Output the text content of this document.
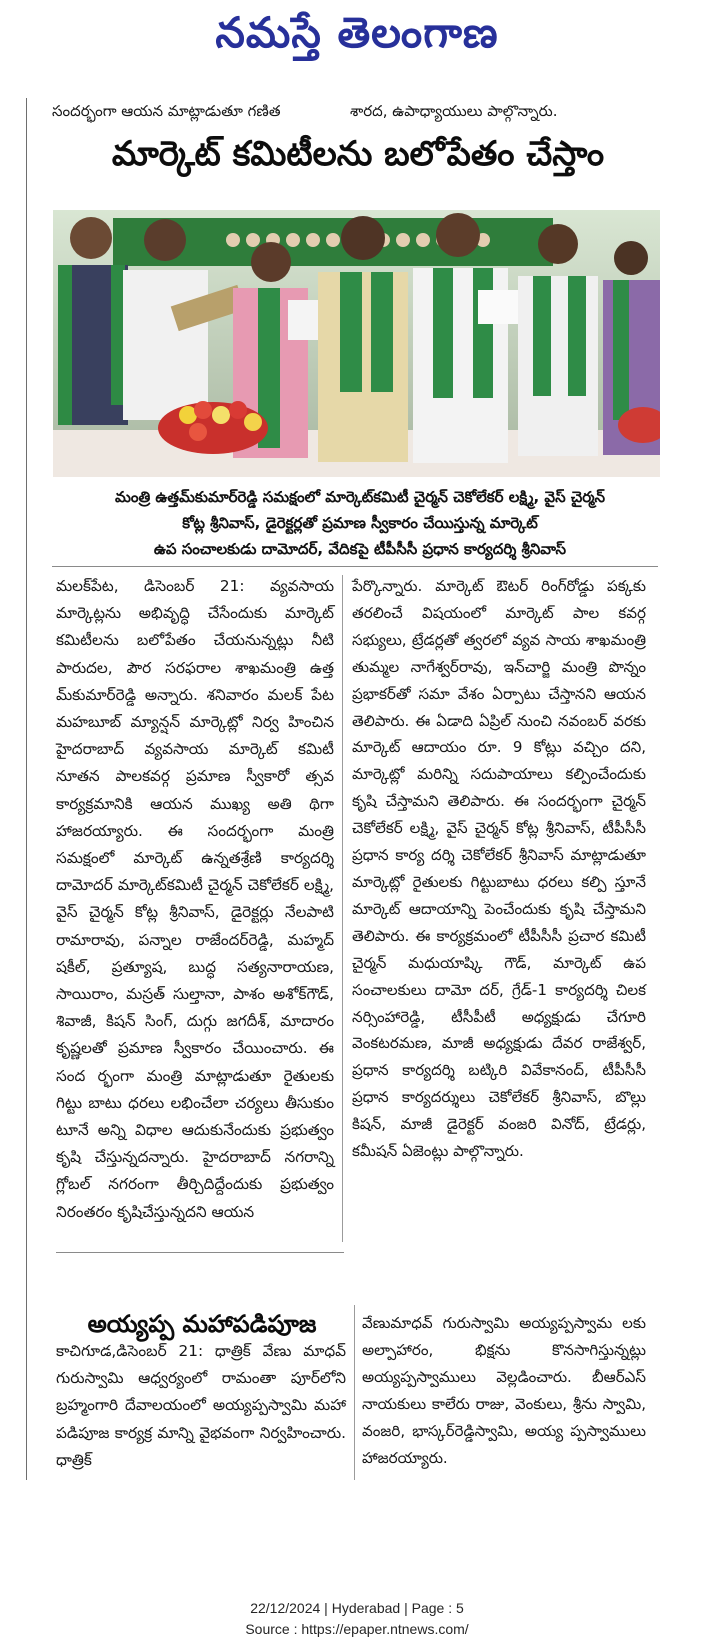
నమస్తే తెలంగాణ
సందర్భంగా ఆయన మాట్లాడుతూ గణిత	శారద, ఉపాధ్యాయులు పాల్గొన్నారు.
మార్కెట్ కమిటీలను బలోపేతం చేస్తాం
మంత్రి ఉత్తమ్‌కుమార్‌రెడ్డి సమక్షంలో మార్కెట్‌కమిటీ చైర్మన్ చెకోలేకర్ లక్ష్మి, వైస్ చైర్మన్
కోట్ల శ్రీనివాస్, డైరెక్టర్లతో ప్రమాణ స్వీకారం చేయిస్తున్న మార్కెట్
ఉప సంచాలకుడు దామోదర్, వేదికపై టీపీసీసీ ప్రధాన కార్యదర్శి శ్రీనివాస్

మలక్‌పేట, డిసెంబర్ 21: వ్యవసాయ మార్కెట్లను అభివృద్ధి చేసేందుకు మార్కెట్ కమిటీలను బలోపేతం చేయనున్నట్లు నీటి పారుదల, పౌర సరఫరాల శాఖమంత్రి ఉత్త మ్‌కుమార్‌రెడ్డి అన్నారు. శనివారం మలక్ పేట మహబూబ్ మ్యాన్షన్ మార్కెట్లో నిర్వ హించిన హైదరాబాద్ వ్యవసాయ మార్కెట్ కమిటీ నూతన పాలకవర్గ ప్రమాణ స్వీకారో త్సవ కార్యక్రమానికి ఆయన ముఖ్య అతి థిగా హాజరయ్యారు. ఈ సందర్భంగా మంత్రి సమక్షంలో మార్కెట్ ఉన్నతశ్రేణి కార్యదర్శి దామోదర్ మార్కెట్‌కమిటీ చైర్మన్ చెకోలేకర్ లక్ష్మి, వైస్ చైర్మన్ కోట్ల శ్రీనివాస్, డైరెక్టర్లు నేలపాటి రామారావు, పన్నాల రాజేందర్‌రెడ్డి, మహ్మద్ షకీల్, ప్రత్యూష, బుద్ధ సత్యనారాయణ, సాయిరాం, మస్రత్ సుల్తానా, పాశం అశోక్‌గౌడ్, శివాజీ, కిషన్ సింగ్, దుగ్గు జగదీశ్, మాదారం కృష్ణలతో ప్రమాణ స్వీకారం చేయించారు. ఈ సంద ర్భంగా మంత్రి మాట్లాడుతూ రైతులకు గిట్టు బాటు ధరలు లభించేలా చర్యలు తీసుకుం టూనే అన్ని విధాల ఆదుకునేందుకు ప్రభుత్వం కృషి చేస్తున్నదన్నారు. హైదరాబాద్ నగరాన్ని గ్లోబల్ నగరంగా తీర్చిదిద్దేందుకు ప్రభుత్వం నిరంతరం కృషిచేస్తున్నదని ఆయన

పేర్కొన్నారు. మార్కెట్ ఔటర్ రింగ్‌రోడ్డు పక్కకు తరలించే విషయంలో మార్కెట్ పాల కవర్గ సభ్యులు, ట్రేడర్లతో త్వరలో వ్యవ సాయ శాఖమంత్రి తుమ్మల నాగేశ్వర్‌రావు, ఇన్‌చార్జి మంత్రి పొన్నం ప్రభాకర్‌తో సమా వేశం ఏర్పాటు చేస్తానని ఆయన తెలిపారు. ఈ ఏడాది ఏప్రిల్ నుంచి నవంబర్ వరకు మార్కెట్ ఆదాయం రూ. 9 కోట్లు వచ్చిం దని, మార్కెట్లో మరిన్ని సదుపాయాలు కల్పించేందుకు కృషి చేస్తామని తెలిపారు. ఈ సందర్భంగా చైర్మన్ చెకోలేకర్ లక్ష్మి, వైస్ చైర్మన్ కోట్ల శ్రీనివాస్, టీపీసీసీ ప్రధాన కార్య దర్శి చెకోలేకర్ శ్రీనివాస్ మాట్లాడుతూ మార్కెట్లో రైతులకు గిట్టుబాటు ధరలు కల్పి స్తూనే మార్కెట్ ఆదాయాన్ని పెంచేందుకు కృషి చేస్తామని తెలిపారు. ఈ కార్యక్రమంలో టీపీసీసీ ప్రచార కమిటీ చైర్మన్ మధుయాష్కి గౌడ్, మార్కెట్ ఉప సంచాలకులు దామో దర్, గ్రేడ్-1 కార్యదర్శి చిలక నర్సింహారెడ్డి, టీసీపీటీ అధ్యక్షుడు చేగూరి వెంకటరమణ, మాజీ అధ్యక్షుడు దేవర రాజేశ్వర్, ప్రధాన కార్యదర్శి బట్కిరి వివేకానంద్, టీపీసీసీ ప్రధాన కార్యదర్శులు చెకోలేకర్ శ్రీనివాస్, బొల్లు కిషన్, మాజీ డైరెక్టర్ వంజరి వినోద్, ట్రేడర్లు, కమీషన్ ఏజెంట్లు పాల్గొన్నారు.

అయ్యప్ప మహాపడిపూజ

కాచిగూడ,డిసెంబర్ 21: ధాత్రిక్ వేణు మాధవ్ గురుస్వామి ఆధ్వర్యంలో రామంతా పూర్‌లోని బ్రహ్మంగారి దేవాలయంలో అయ్యప్పస్వామి మహా పడిపూజ కార్యక్ర మాన్ని వైభవంగా నిర్వహించారు. ధాత్రిక్

వేణుమాధవ్ గురుస్వామి అయ్యప్పస్వామ లకు అల్పాహారం, భిక్షను కొనసాగిస్తున్నట్లు అయ్యప్పస్వాములు వెల్లడించారు. బీఆర్ఎస్ నాయకులు కాలేరు రాజు, వెంకులు, శ్రీను స్వామి, వంజరి, భాస్కర్‌రెడ్డిస్వామి, అయ్య ప్పస్వాములు హాజరయ్యారు.

22/12/2024 | Hyderabad | Page : 5
Source : https://epaper.ntnews.com/
